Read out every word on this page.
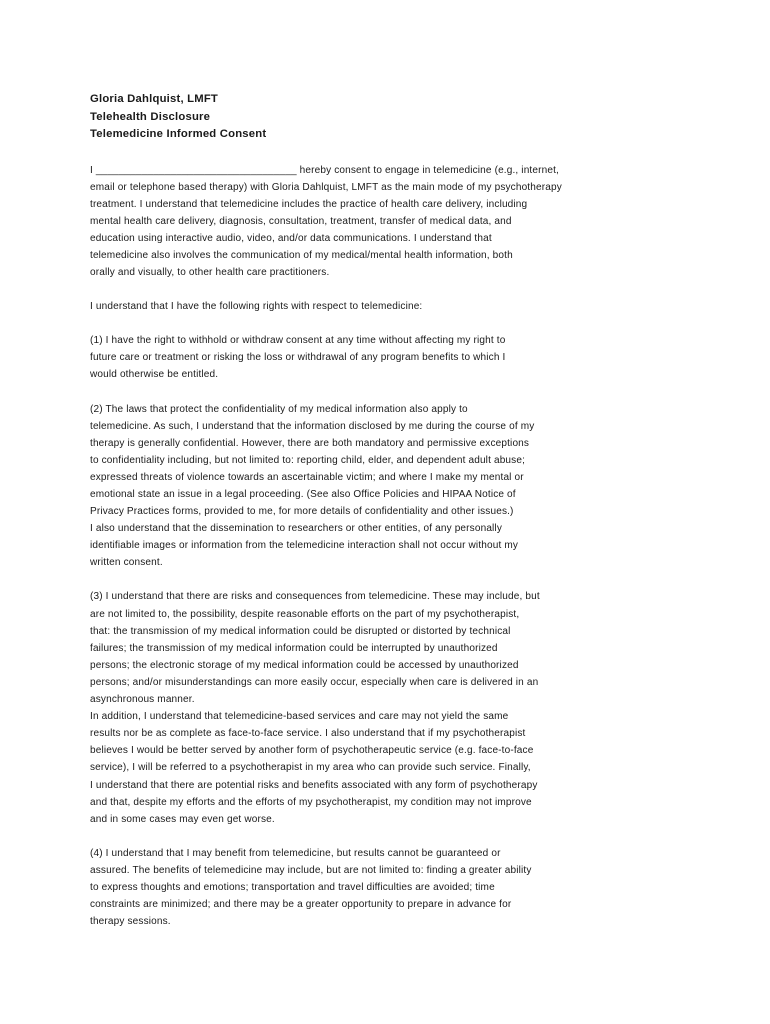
Gloria Dahlquist, LMFT
Telehealth Disclosure
Telemedicine Informed Consent

I ___________________________________ hereby consent to engage in telemedicine (e.g., internet,
email or telephone based therapy) with Gloria Dahlquist, LMFT as the main mode of my psychotherapy
treatment. I understand that telemedicine includes the practice of health care delivery, including
mental health care delivery, diagnosis, consultation, treatment, transfer of medical data, and
education using interactive audio, video, and/or data communications. I understand that
telemedicine also involves the communication of my medical/mental health information, both
orally and visually, to other health care practitioners.

I understand that I have the following rights with respect to telemedicine:

(1) I have the right to withhold or withdraw consent at any time without affecting my right to
future care or treatment or risking the loss or withdrawal of any program benefits to which I
would otherwise be entitled.

(2) The laws that protect the confidentiality of my medical information also apply to
telemedicine. As such, I understand that the information disclosed by me during the course of my
therapy is generally confidential. However, there are both mandatory and permissive exceptions
to confidentiality including, but not limited to: reporting child, elder, and dependent adult abuse;
expressed threats of violence towards an ascertainable victim; and where I make my mental or
emotional state an issue in a legal proceeding. (See also Office Policies and HIPAA Notice of
Privacy Practices forms, provided to me, for more details of confidentiality and other issues.)
I also understand that the dissemination to researchers or other entities, of any personally
identifiable images or information from the telemedicine interaction shall not occur without my
written consent.

(3) I understand that there are risks and consequences from telemedicine. These may include, but
are not limited to, the possibility, despite reasonable efforts on the part of my psychotherapist,
that: the transmission of my medical information could be disrupted or distorted by technical
failures; the transmission of my medical information could be interrupted by unauthorized
persons; the electronic storage of my medical information could be accessed by unauthorized
persons; and/or misunderstandings can more easily occur, especially when care is delivered in an
asynchronous manner.
In addition, I understand that telemedicine-based services and care may not yield the same
results nor be as complete as face-to-face service. I also understand that if my psychotherapist
believes I would be better served by another form of psychotherapeutic service (e.g. face-to-face
service), I will be referred to a psychotherapist in my area who can provide such service. Finally,
I understand that there are potential risks and benefits associated with any form of psychotherapy
and that, despite my efforts and the efforts of my psychotherapist, my condition may not improve
and in some cases may even get worse.

(4) I understand that I may benefit from telemedicine, but results cannot be guaranteed or
assured. The benefits of telemedicine may include, but are not limited to: finding a greater ability
to express thoughts and emotions; transportation and travel difficulties are avoided; time
constraints are minimized; and there may be a greater opportunity to prepare in advance for
therapy sessions.
